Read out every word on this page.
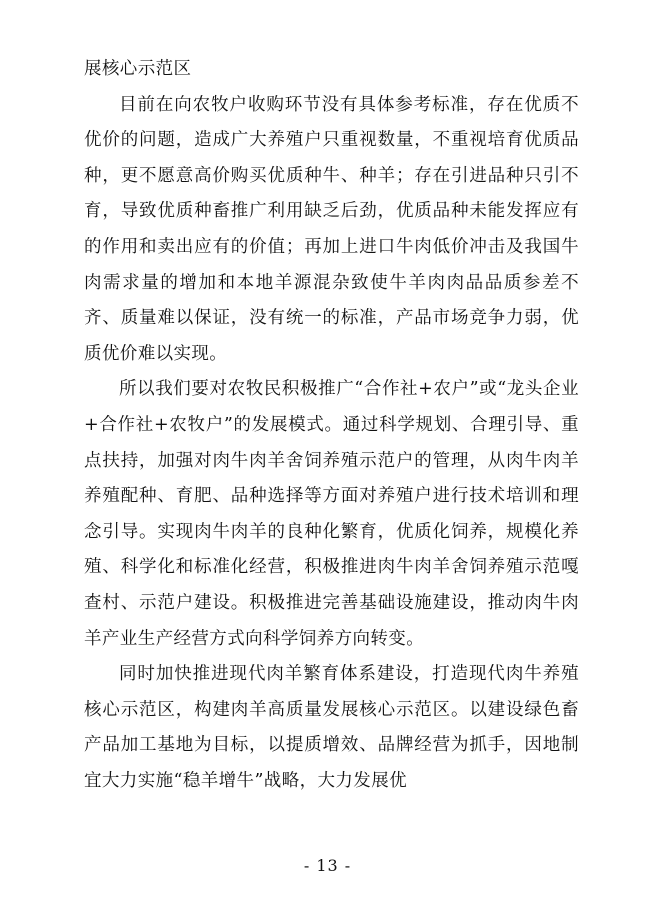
展核心示范区

目前在向农牧户收购环节没有具体参考标准，存在优质不优价的问题，造成广大养殖户只重视数量，不重视培育优质品种，更不愿意高价购买优质种牛、种羊；存在引进品种只引不育，导致优质种畜推广利用缺乏后劲，优质品种未能发挥应有的作用和卖出应有的价值；再加上进口牛肉低价冲击及我国牛肉需求量的增加和本地羊源混杂致使牛羊肉肉品品质参差不齐、质量难以保证，没有统一的标准，产品市场竞争力弱，优质优价难以实现。

所以我们要对农牧民积极推广“合作社+农户”或“龙头企业+合作社+农牧户”的发展模式。通过科学规划、合理引导、重点扶持，加强对肉牛肉羊舍饲养殖示范户的管理，从肉牛肉羊养殖配种、育肥、品种选择等方面对养殖户进行技术培训和理念引导。实现肉牛肉羊的良种化繁育，优质化饲养，规模化养殖、科学化和标准化经营，积极推进肉牛肉羊舍饲养殖示范嘎查村、示范户建设。积极推进完善基础设施建设，推动肉牛肉羊产业生产经营方式向科学饲养方向转变。

同时加快推进现代肉羊繁育体系建设，打造现代肉牛养殖核心示范区，构建肉羊高质量发展核心示范区。以建设绿色畜产品加工基地为目标，以提质增效、品牌经营为抓手，因地制宜大力实施“稳羊增牛”战略，大力发展优

- 13 -
